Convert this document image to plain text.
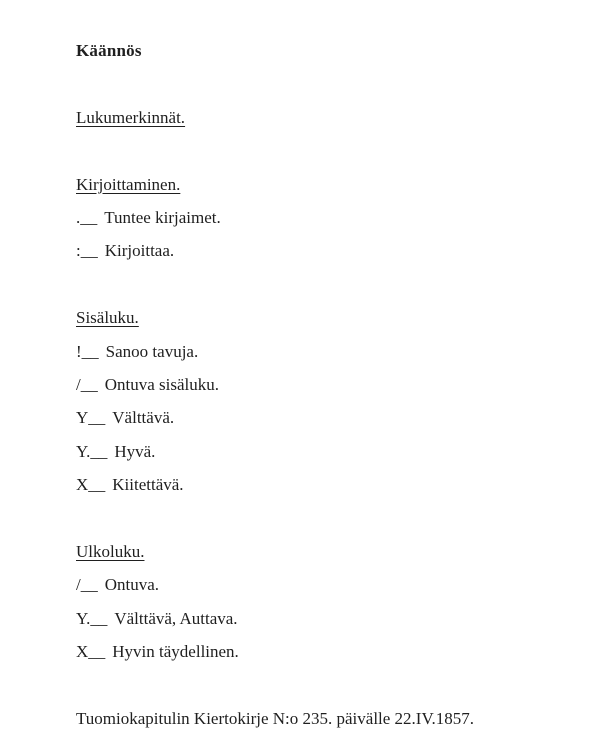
Käännös
Lukumerkinnät.
Kirjoittaminen.
.__ Tuntee kirjaimet.
:__ Kirjoittaa.
Sisäluku.
!__ Sanoo tavuja.
/__ Ontuva sisäluku.
Y__ Välttävä.
Y.__ Hyvä.
X__ Kiitettävä.
Ulkoluku.
/__ Ontuva.
Y.__ Välttävä, Auttava.
X__ Hyvin täydellinen.
Tuomiokapitulin Kiertokirje N:o 235. päivälle 22.IV.1857.
